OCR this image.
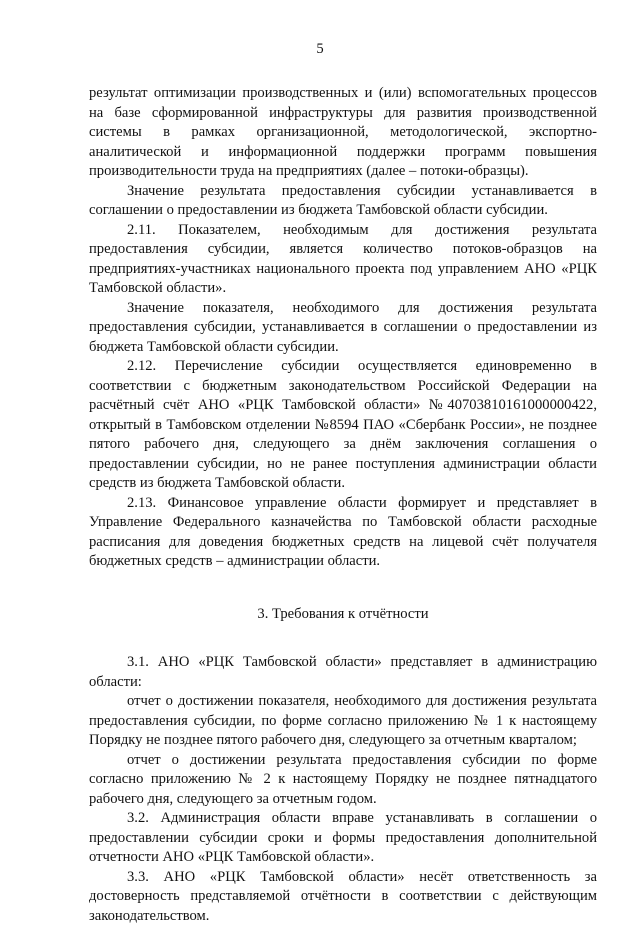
5

результат оптимизации производственных и (или) вспомогательных процессов на базе сформированной инфраструктуры для развития производственной системы в рамках организационной, методологической, экспортно-аналитической и информационной поддержки программ повышения производительности труда на предприятиях (далее – потоки-образцы).

Значение результата предоставления субсидии устанавливается в соглашении о предоставлении из бюджета Тамбовской области субсидии.

2.11. Показателем, необходимым для достижения результата предоставления субсидии, является количество потоков-образцов на предприятиях-участниках национального проекта под управлением АНО «РЦК Тамбовской области».

Значение показателя, необходимого для достижения результата предоставления субсидии, устанавливается в соглашении о предоставлении из бюджета Тамбовской области субсидии.

2.12. Перечисление субсидии осуществляется единовременно в соответствии с бюджетным законодательством Российской Федерации на расчётный счёт АНО «РЦК Тамбовской области» №40703810161000000422, открытый в Тамбовском отделении №8594 ПАО «Сбербанк России», не позднее пятого рабочего дня, следующего за днём заключения соглашения о предоставлении субсидии, но не ранее поступления администрации области средств из бюджета Тамбовской области.

2.13. Финансовое управление области формирует и представляет в Управление Федерального казначейства по Тамбовской области расходные расписания для доведения бюджетных средств на лицевой счёт получателя бюджетных средств – администрации области.

3. Требования к отчётности

3.1. АНО «РЦК Тамбовской области» представляет в администрацию области:

отчет о достижении показателя, необходимого для достижения результата предоставления субсидии, по форме согласно приложению № 1 к настоящему Порядку не позднее пятого рабочего дня, следующего за отчетным кварталом;

отчет о достижении результата предоставления субсидии по форме согласно приложению № 2 к настоящему Порядку не позднее пятнадцатого рабочего дня, следующего за отчетным годом.

3.2. Администрация области вправе устанавливать в соглашении о предоставлении субсидии сроки и формы предоставления дополнительной отчетности АНО «РЦК Тамбовской области».

3.3. АНО «РЦК Тамбовской области» несёт ответственность за достоверность представляемой отчётности в соответствии с действующим законодательством.
